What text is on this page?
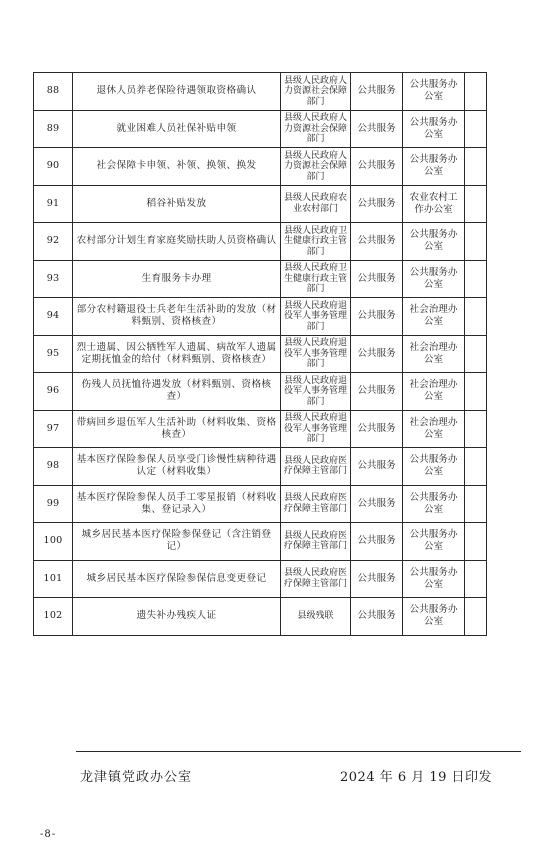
88	退休人员养老保险待遇领取资格确认	县级人民政府人力资源社会保障部门	公共服务	公共服务办公室	
89	就业困难人员社保补贴申领	县级人民政府人力资源社会保障部门	公共服务	公共服务办公室	
90	社会保障卡申领、补领、换领、换发	县级人民政府人力资源社会保障部门	公共服务	公共服务办公室	
91	稻谷补贴发放	县级人民政府农业农村部门	公共服务	农业农村工作办公室	
92	农村部分计划生育家庭奖励扶助人员资格确认	县级人民政府卫生健康行政主管部门	公共服务	公共服务办公室	
93	生育服务卡办理	县级人民政府卫生健康行政主管部门	公共服务	公共服务办公室	
94	部分农村籍退役士兵老年生活补助的发放（材料甄别、资格核查）	县级人民政府退役军人事务管理部门	公共服务	社会治理办公室	
95	烈士遗属、因公牺牲军人遗属、病故军人遗属定期抚恤金的给付（材料甄别、资格核查）	县级人民政府退役军人事务管理部门	公共服务	社会治理办公室	
96	伤残人员抚恤待遇发放（材料甄别、资格核查）	县级人民政府退役军人事务管理部门	公共服务	社会治理办公室	
97	带病回乡退伍军人生活补助（材料收集、资格核查）	县级人民政府退役军人事务管理部门	公共服务	社会治理办公室	
98	基本医疗保险参保人员享受门诊慢性病种待遇认定（材料收集）	县级人民政府医疗保障主管部门	公共服务	公共服务办公室	
99	基本医疗保险参保人员手工零星报销（材料收集、登记录入）	县级人民政府医疗保障主管部门	公共服务	公共服务办公室	
100	城乡居民基本医疗保险参保登记（含注销登记）	县级人民政府医疗保障主管部门	公共服务	公共服务办公室	
101	城乡居民基本医疗保险参保信息变更登记	县级人民政府医疗保障主管部门	公共服务	公共服务办公室	
102	遗失补办残疾人证	县级残联	公共服务	公共服务办公室	
龙津镇党政办公室	2024 年 6 月 19 日印发
-8-
